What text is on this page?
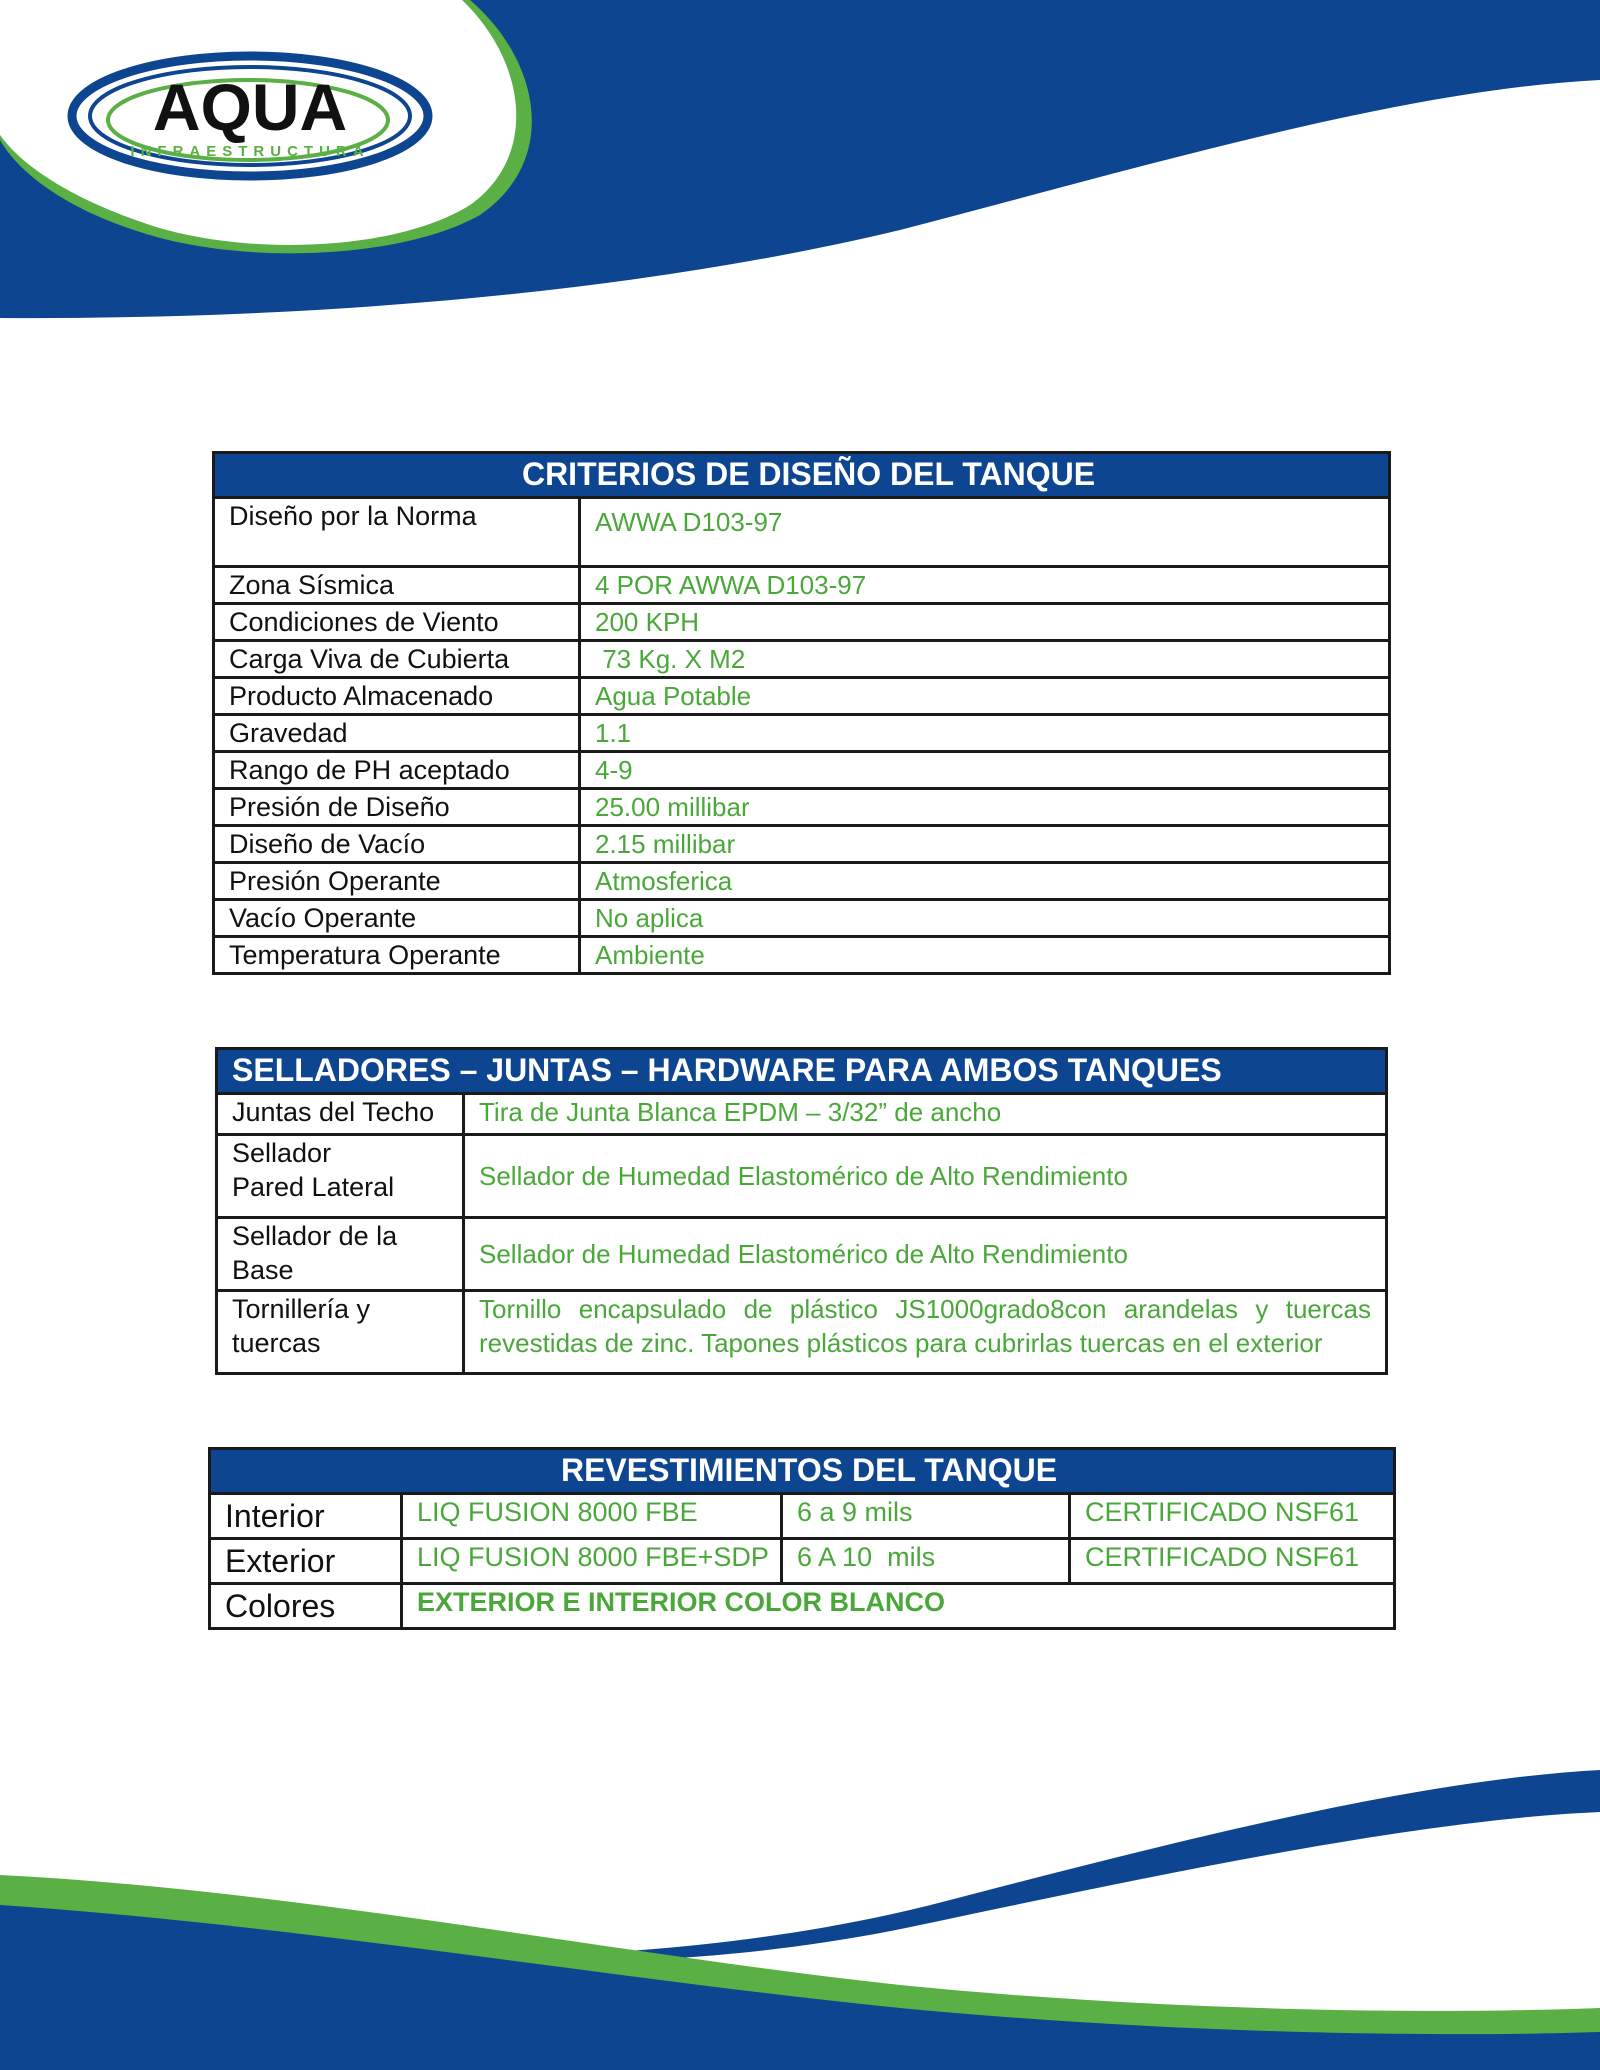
AQUA
INFRAESTRUCTURA
CRITERIOS DE DISEÑO DEL TANQUE	
Diseño por la Norma	AWWA D103-97
Zona Sísmica	4 POR AWWA D103-97
Condiciones de Viento	200 KPH
Carga Viva de Cubierta	73 Kg. X M2
Producto Almacenado	Agua Potable
Gravedad	1.1
Rango de PH aceptado	4-9
Presión de Diseño	25.00 millibar
Diseño de Vacío	2.15 millibar
Presión Operante	Atmosferica
Vacío Operante	No aplica
Temperatura Operante	Ambiente
SELLADORES – JUNTAS – HARDWARE PARA AMBOS TANQUES	
Juntas del Techo	Tira de Junta Blanca EPDM – 3/32” de ancho
Sellador Pared Lateral	Sellador de Humedad Elastomérico de Alto Rendimiento
Sellador de la Base	Sellador de Humedad Elastomérico de Alto Rendimiento
Tornillería y tuercas	Tornillo encapsulado de plástico JS1000grado8con arandelas y tuercas revestidas de zinc. Tapones plásticos para cubrirlas tuercas en el exterior
REVESTIMIENTOS DEL TANQUE			
Interior	LIQ FUSION 8000 FBE	6 a 9 mils	CERTIFICADO NSF61
Exterior	LIQ FUSION 8000 FBE+SDP	6 A 10  mils	CERTIFICADO NSF61
Colores	EXTERIOR E INTERIOR COLOR BLANCO		
